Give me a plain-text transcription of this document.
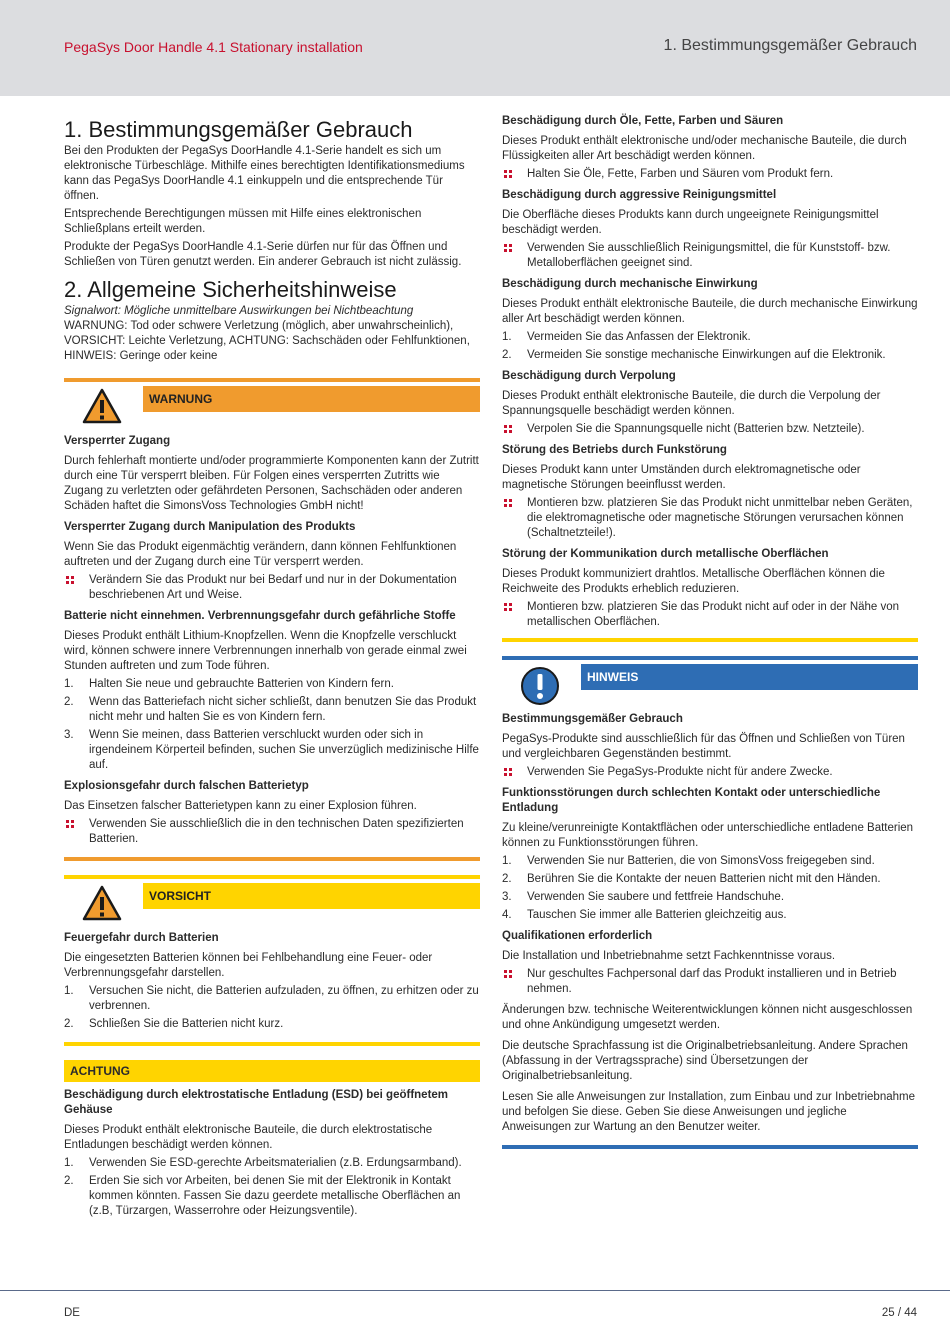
PegaSys Door Handle 4.1 Stationary installation	1. Bestimmungsgemäßer Gebrauch
1. Bestimmungsgemäßer Gebrauch

Bei den Produkten der PegaSys DoorHandle 4.1-Serie handelt es sich um elektronische Türbeschläge. Mithilfe eines berechtigten Identifikationsmediums kann das PegaSys DoorHandle 4.1 einkuppeln und die entsprechende Tür öffnen.

Entsprechende Berechtigungen müssen mit Hilfe eines elektronischen Schließplans erteilt werden.

Produkte der PegaSys DoorHandle 4.1-Serie dürfen nur für das Öffnen und Schließen von Türen genutzt werden. Ein anderer Gebrauch ist nicht zulässig.

2. Allgemeine Sicherheitshinweise

Signalwort: Mögliche unmittelbare Auswirkungen bei Nichtbeachtung

WARNUNG: Tod oder schwere Verletzung (möglich, aber unwahrscheinlich), VORSICHT: Leichte Verletzung, ACHTUNG: Sachschäden oder Fehlfunktionen, HINWEIS: Geringe oder keine

WARNUNG
Versperrter Zugang

Durch fehlerhaft montierte und/oder programmierte Komponenten kann der Zutritt durch eine Tür versperrt bleiben. Für Folgen eines versperrten Zutritts wie Zugang zu verletzten oder gefährdeten Personen, Sachschäden oder anderen Schäden haftet die SimonsVoss Technologies GmbH nicht!

Versperrter Zugang durch Manipulation des Produkts

Wenn Sie das Produkt eigenmächtig verändern, dann können Fehlfunktionen auftreten und der Zugang durch eine Tür versperrt werden.

Verändern Sie das Produkt nur bei Bedarf und nur in der Dokumentation beschriebenen Art und Weise.
Batterie nicht einnehmen. Verbrennungsgefahr durch gefährliche Stoffe

Dieses Produkt enthält Lithium-Knopfzellen. Wenn die Knopfzelle verschluckt wird, können schwere innere Verbrennungen innerhalb von gerade einmal zwei Stunden auftreten und zum Tode führen.

1.	Halten Sie neue und gebrauchte Batterien von Kindern fern.
2.	Wenn das Batteriefach nicht sicher schließt, dann benutzen Sie das Produkt nicht mehr und halten Sie es von Kindern fern.
3.	Wenn Sie meinen, dass Batterien verschluckt wurden oder sich in irgendeinem Körperteil befinden, suchen Sie unverzüglich medizinische Hilfe auf.
Explosionsgefahr durch falschen Batterietyp

Das Einsetzen falscher Batterietypen kann zu einer Explosion führen.

Verwenden Sie ausschließlich die in den technischen Daten spezifizierten Batterien.
VORSICHT
Feuergefahr durch Batterien

Die eingesetzten Batterien können bei Fehlbehandlung eine Feuer- oder Verbrennungsgefahr darstellen.

1.	Versuchen Sie nicht, die Batterien aufzuladen, zu öffnen, zu erhitzen oder zu verbrennen.
2.	Schließen Sie die Batterien nicht kurz.
ACHTUNG
Beschädigung durch elektrostatische Entladung (ESD) bei geöffnetem Gehäuse

Dieses Produkt enthält elektronische Bauteile, die durch elektrostatische Entladungen beschädigt werden können.

1.	Verwenden Sie ESD-gerechte Arbeitsmaterialien (z.B. Erdungsarmband).
2.	Erden Sie sich vor Arbeiten, bei denen Sie mit der Elektronik in Kontakt kommen könnten. Fassen Sie dazu geerdete metallische Oberflächen an (z.B, Türzargen, Wasserrohre oder Heizungsventile).
Beschädigung durch Öle, Fette, Farben und Säuren

Dieses Produkt enthält elektronische und/oder mechanische Bauteile, die durch Flüssigkeiten aller Art beschädigt werden können.

Halten Sie Öle, Fette, Farben und Säuren vom Produkt fern.
Beschädigung durch aggressive Reinigungsmittel

Die Oberfläche dieses Produkts kann durch ungeeignete Reinigungsmittel beschädigt werden.

Verwenden Sie ausschließlich Reinigungsmittel, die für Kunststoff- bzw. Metalloberflächen geeignet sind.
Beschädigung durch mechanische Einwirkung

Dieses Produkt enthält elektronische Bauteile, die durch mechanische Einwirkung aller Art beschädigt werden können.

1.	Vermeiden Sie das Anfassen der Elektronik.
2.	Vermeiden Sie sonstige mechanische Einwirkungen auf die Elektronik.
Beschädigung durch Verpolung

Dieses Produkt enthält elektronische Bauteile, die durch die Verpolung der Spannungsquelle beschädigt werden können.

Verpolen Sie die Spannungsquelle nicht (Batterien bzw. Netzteile).
Störung des Betriebs durch Funkstörung

Dieses Produkt kann unter Umständen durch elektromagnetische oder magnetische Störungen beeinflusst werden.

Montieren bzw. platzieren Sie das Produkt nicht unmittelbar neben Geräten, die elektromagnetische oder magnetische Störungen verursachen können (Schaltnetzteile!).
Störung der Kommunikation durch metallische Oberflächen

Dieses Produkt kommuniziert drahtlos. Metallische Oberflächen können die Reichweite des Produkts erheblich reduzieren.

Montieren bzw. platzieren Sie das Produkt nicht auf oder in der Nähe von metallischen Oberflächen.
HINWEIS
Bestimmungsgemäßer Gebrauch

PegaSys-Produkte sind ausschließlich für das Öffnen und Schließen von Türen und vergleichbaren Gegenständen bestimmt.

Verwenden Sie PegaSys-Produkte nicht für andere Zwecke.
Funktionsstörungen durch schlechten Kontakt oder unterschiedliche Entladung

Zu kleine/verunreinigte Kontaktflächen oder unterschiedliche entladene Batterien können zu Funktionsstörungen führen.

1.	Verwenden Sie nur Batterien, die von SimonsVoss freigegeben sind.
2.	Berühren Sie die Kontakte der neuen Batterien nicht mit den Händen.
3.	Verwenden Sie saubere und fettfreie Handschuhe.
4.	Tauschen Sie immer alle Batterien gleichzeitig aus.
Qualifikationen erforderlich

Die Installation und Inbetriebnahme setzt Fachkenntnisse voraus.

Nur geschultes Fachpersonal darf das Produkt installieren und in Betrieb nehmen.

Änderungen bzw. technische Weiterentwicklungen können nicht ausgeschlossen und ohne Ankündigung umgesetzt werden.

Die deutsche Sprachfassung ist die Originalbetriebsanleitung. Andere Sprachen (Abfassung in der Vertragssprache) sind Übersetzungen der Originalbetriebsanleitung.

Lesen Sie alle Anweisungen zur Installation, zum Einbau und zur Inbetriebnahme und befolgen Sie diese. Geben Sie diese Anweisungen und jegliche Anweisungen zur Wartung an den Benutzer weiter.

DE	25 / 44
